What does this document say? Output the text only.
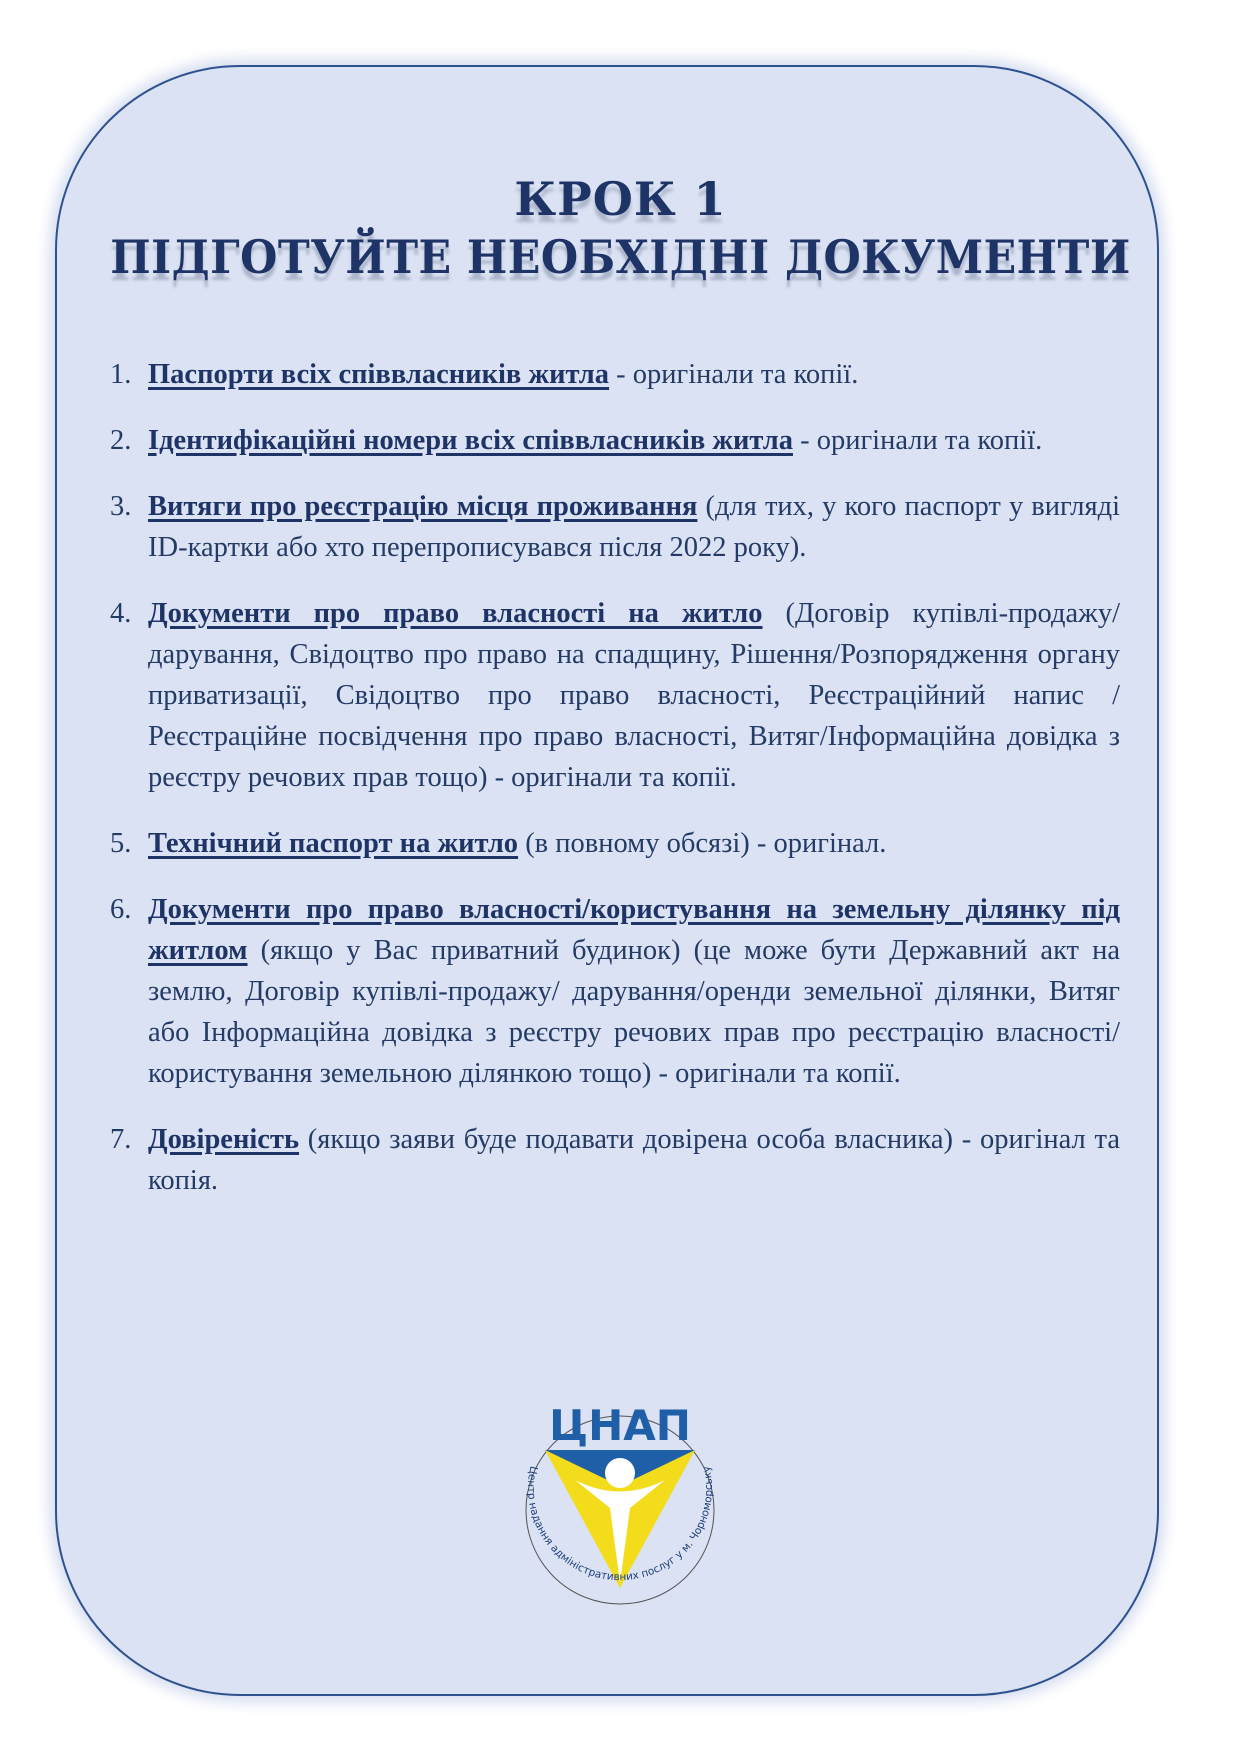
КРОК 1
ПІДГОТУЙТЕ НЕОБХІДНІ ДОКУМЕНТИ
1. Паспорти всіх співвласників житла - оригінали та копії.
2. Ідентифікаційні номери всіх співвласників житла - оригінали та копії.
3. Витяги про реєстрацію місця проживання (для тих, у кого паспорт у вигляді ID-картки або хто перепрописувався після 2022 року).
4. Документи про право власності на житло (Договір купівлі-продажу/дарування, Свідоцтво про право на спадщину, Рішення/Розпорядження органу приватизації, Свідоцтво про право власності, Реєстраційний напис / Реєстраційне посвідчення про право власності, Витяг/Інформаційна довідка з реєстру речових прав тощо) - оригінали та копії.
5. Технічний паспорт на житло (в повному обсязі) - оригінал.
6. Документи про право власності/користування на земельну ділянку під житлом (якщо у Вас приватний будинок) (це може бути Державний акт на землю, Договір купівлі-продажу/ дарування/оренди земельної ділянки, Витяг або Інформаційна довідка з реєстру речових прав про реєстрацію власності/користування земельною ділянкою тощо) - оригінали та копії.
7. Довіреність (якщо заяви буде подавати довірена особа власника) - оригінал та копія.
ЦНАП
Центр надання адміністративних послуг у м. Чорноморську
